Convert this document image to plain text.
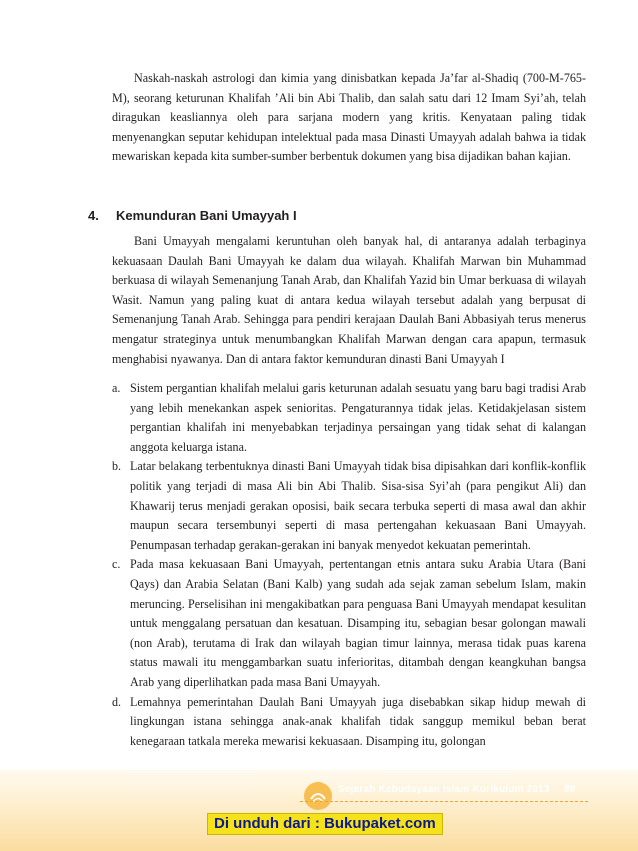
Naskah-naskah astrologi dan kimia yang dinisbatkan kepada Ja’far al-Shadiq (700-M-765-M), seorang keturunan Khalifah ’Ali bin Abi Thalib, dan salah satu dari 12 Imam Syi’ah, telah diragukan keasliannya oleh para sarjana modern yang kritis. Kenyataan paling tidak menyenangkan seputar kehidupan intelektual pada masa Dinasti Umayyah adalah bahwa ia tidak mewariskan kepada kita sumber-sumber berbentuk dokumen yang bisa dijadikan bahan kajian.

4. Kemunduran Bani Umayyah I

Bani Umayyah mengalami keruntuhan oleh banyak hal, di antaranya adalah terbaginya kekuasaan Daulah Bani Umayyah ke dalam dua wilayah. Khalifah Marwan bin Muhammad berkuasa di wilayah Semenanjung Tanah Arab, dan Khalifah Yazid bin Umar berkuasa di wilayah Wasit. Namun yang paling kuat di antara kedua wilayah tersebut adalah yang berpusat di Semenanjung Tanah Arab. Sehingga para pendiri kerajaan Daulah Bani Abbasiyah terus menerus mengatur strateginya untuk menumbangkan Khalifah Marwan dengan cara apapun, termasuk menghabisi nyawanya. Dan di antara faktor kemunduran dinasti Bani Umayyah I

a. Sistem pergantian khalifah melalui garis keturunan adalah sesuatu yang baru bagi tradisi Arab yang lebih menekankan aspek senioritas. Pengaturannya tidak jelas. Ketidakjelasan sistem pergantian khalifah ini menyebabkan terjadinya persaingan yang tidak sehat di kalangan anggota keluarga istana.
b. Latar belakang terbentuknya dinasti Bani Umayyah tidak bisa dipisahkan dari konflik-konflik politik yang terjadi di masa Ali bin Abi Thalib. Sisa-sisa Syi’ah (para pengikut Ali) dan Khawarij terus menjadi gerakan oposisi, baik secara terbuka seperti di masa awal dan akhir maupun secara tersembunyi seperti di masa pertengahan kekuasaan Bani Umayyah. Penumpasan terhadap gerakan-gerakan ini banyak menyedot kekuatan pemerintah.
c. Pada masa kekuasaan Bani Umayyah, pertentangan etnis antara suku Arabia Utara (Bani Qays) dan Arabia Selatan (Bani Kalb) yang sudah ada sejak zaman sebelum Islam, makin meruncing. Perselisihan ini mengakibatkan para penguasa Bani Umayyah mendapat kesulitan untuk menggalang persatuan dan kesatuan. Disamping itu, sebagian besar golongan mawali (non Arab), terutama di Irak dan wilayah bagian timur lainnya, merasa tidak puas karena status mawali itu menggambarkan suatu inferioritas, ditambah dengan keangkuhan bangsa Arab yang diperlihatkan pada masa Bani Umayyah.
d. Lemahnya pemerintahan Daulah Bani Umayyah juga disebabkan sikap hidup mewah di lingkungan istana sehingga anak-anak khalifah tidak sanggup memikul beban berat kenegaraan tatkala mereka mewarisi kekuasaan. Disamping itu, golongan
Sejarah Kebudayaan Islam Kurikulum 2013 89
Di unduh dari : Bukupaket.com
